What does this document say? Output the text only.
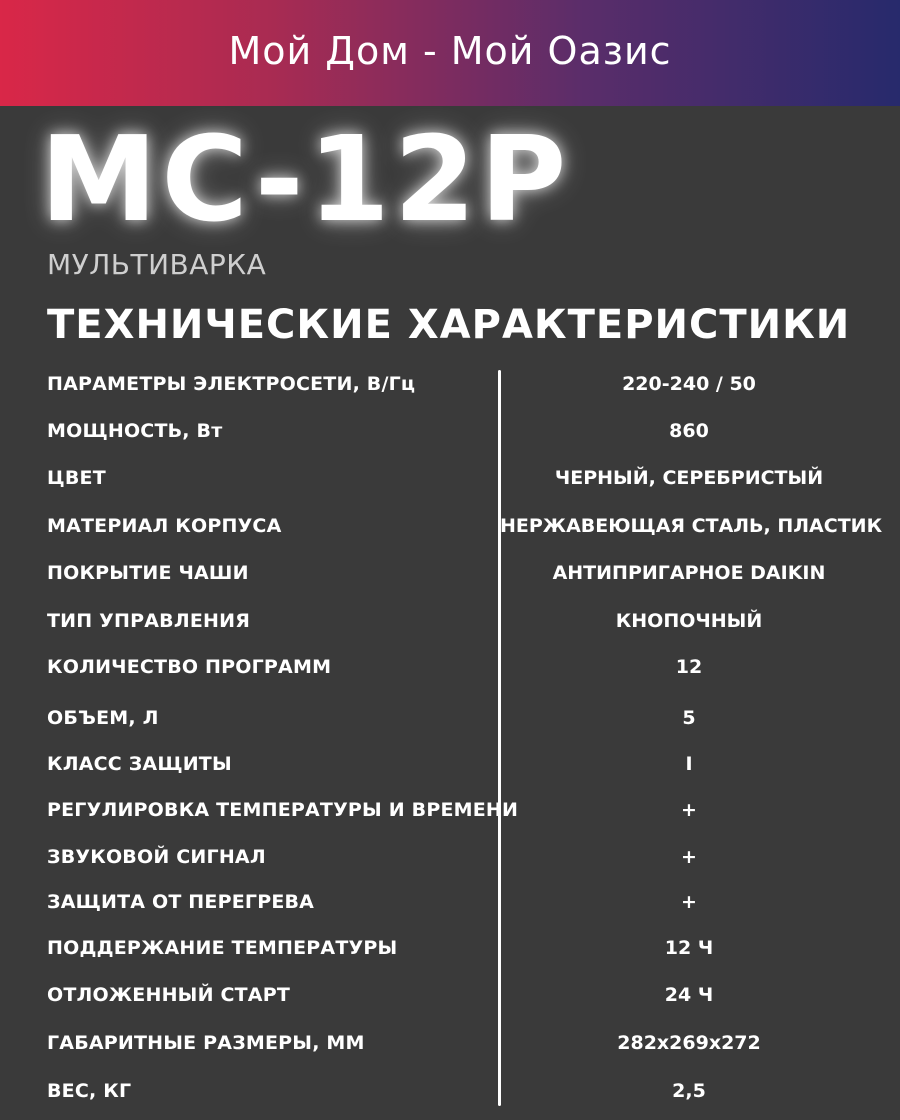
Мой Дом - Мой Оазис
MC-12P
МУЛЬТИВАРКА
ТЕХНИЧЕСКИЕ ХАРАКТЕРИСТИКИ
ПАРАМЕТРЫ ЭЛЕКТРОСЕТИ, В/Гц	220-240 / 50
МОЩНОСТЬ, Вт	860
ЦВЕТ	ЧЕРНЫЙ, СЕРЕБРИСТЫЙ
МАТЕРИАЛ КОРПУСА	НЕРЖАВЕЮЩАЯ СТАЛЬ, ПЛАСТИК
ПОКРЫТИЕ ЧАШИ	АНТИПРИГАРНОЕ DAIKIN
ТИП УПРАВЛЕНИЯ	КНОПОЧНЫЙ
КОЛИЧЕСТВО ПРОГРАММ	12
ОБЪЕМ, Л	5
КЛАСС ЗАЩИТЫ	I
РЕГУЛИРОВКА ТЕМПЕРАТУРЫ И ВРЕМЕНИ	+
ЗВУКОВОЙ СИГНАЛ	+
ЗАЩИТА ОТ ПЕРЕГРЕВА	+
ПОДДЕРЖАНИЕ ТЕМПЕРАТУРЫ	12 Ч
ОТЛОЖЕННЫЙ СТАРТ	24 Ч
ГАБАРИТНЫЕ РАЗМЕРЫ, ММ	282x269x272
ВЕС, КГ	2,5
